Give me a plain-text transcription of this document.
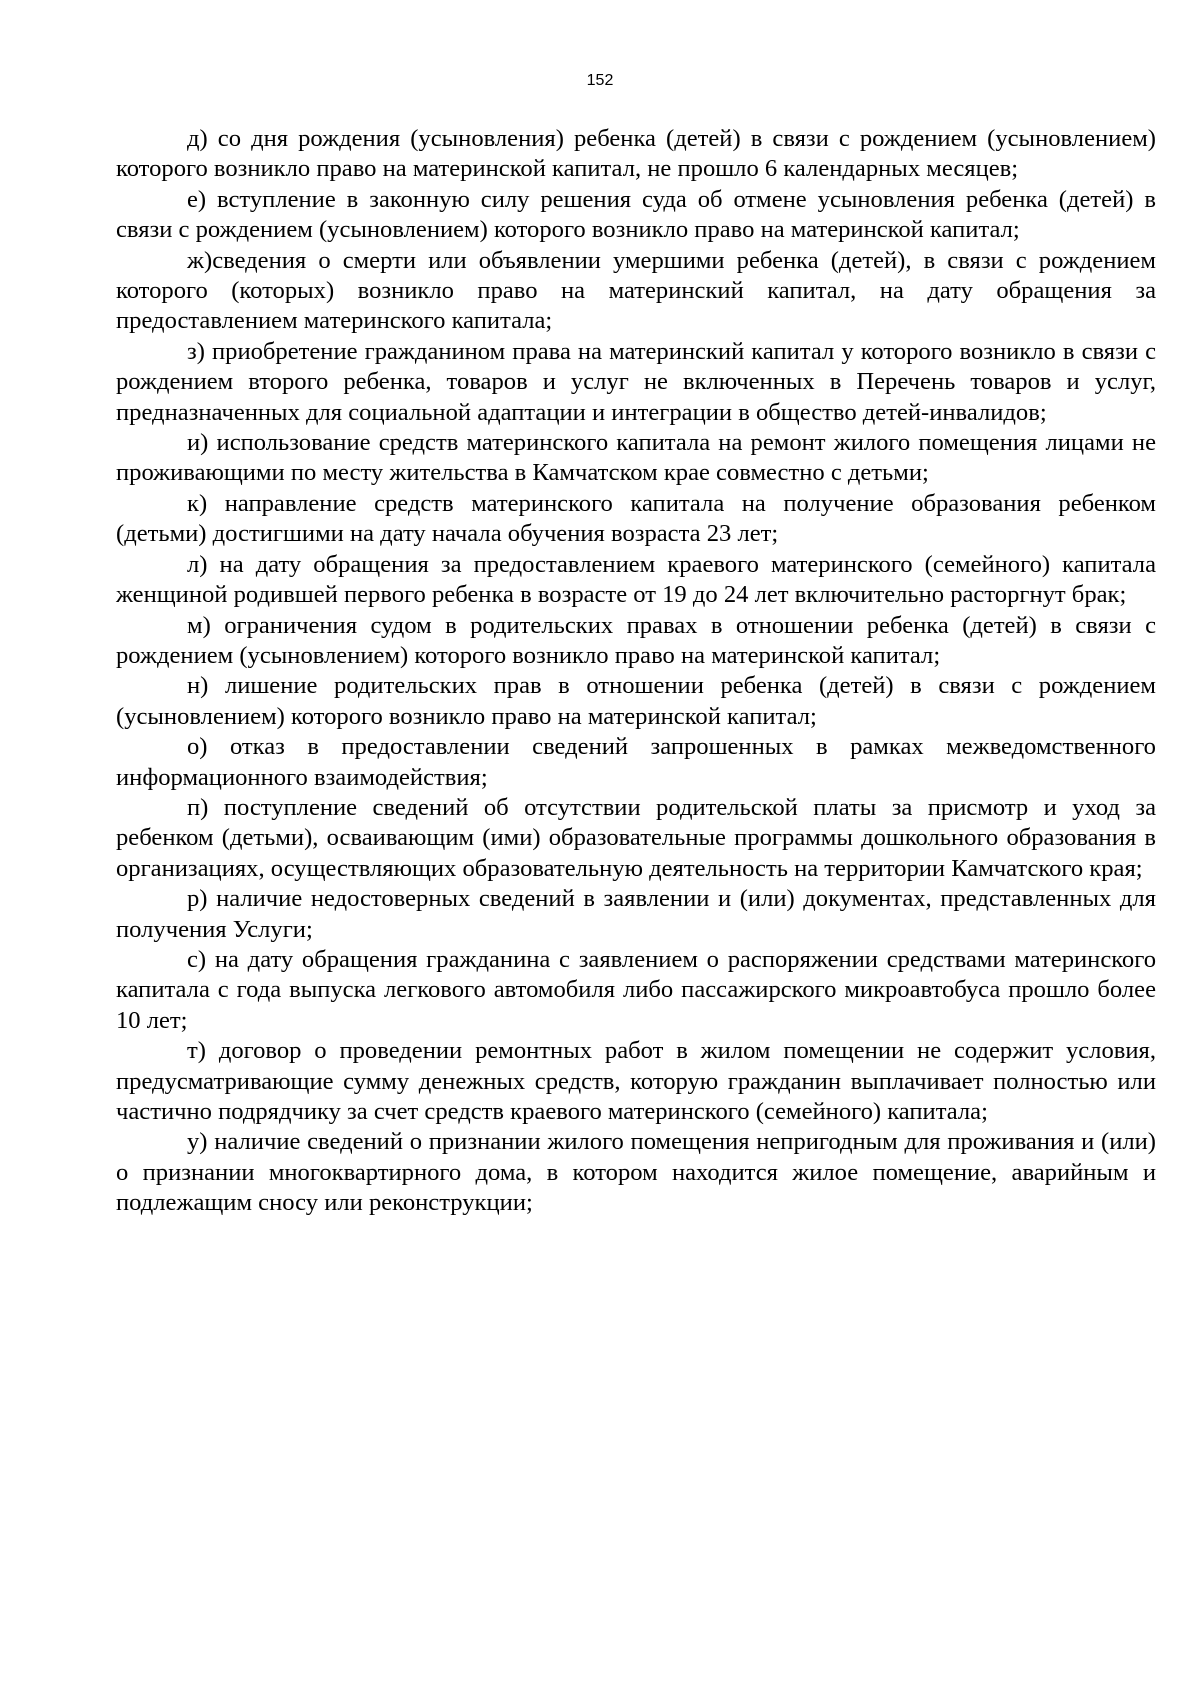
152

д) со дня рождения (усыновления) ребенка (детей) в связи с рождением (усыновлением) которого возникло право на материнской капитал, не прошло 6 календарных месяцев;

е) вступление в законную силу решения суда об отмене усыновления ребенка (детей) в связи с рождением (усыновлением) которого возникло право на материнской капитал;

ж)сведения о смерти или объявлении умершими ребенка (детей), в связи с рождением которого (которых) возникло право на материнский капитал, на дату обращения за предоставлением материнского капитала;

з) приобретение гражданином права на материнский капитал у которого возникло в связи с рождением второго ребенка, товаров и услуг не включенных в Перечень товаров и услуг, предназначенных для социальной адаптации и интеграции в общество детей-инвалидов;

и) использование средств материнского капитала на ремонт жилого помещения лицами не проживающими по месту жительства в Камчатском крае совместно с детьми;

к) направление средств материнского капитала на получение образования ребенком (детьми) достигшими на дату начала обучения возраста 23 лет;

л) на дату обращения за предоставлением краевого материнского (семейного) капитала женщиной родившей первого ребенка в возрасте от 19 до 24 лет включительно расторгнут брак;

м) ограничения судом в родительских правах в отношении ребенка (детей) в связи с рождением (усыновлением) которого возникло право на материнской капитал;

н) лишение родительских прав в отношении ребенка (детей) в связи с рождением (усыновлением) которого возникло право на материнской капитал;

о) отказ в предоставлении сведений запрошенных в рамках межведомственного информационного взаимодействия;

п) поступление сведений об отсутствии родительской платы за присмотр и уход за ребенком (детьми), осваивающим (ими) образовательные программы дошкольного образования в организациях, осуществляющих образовательную деятельность на территории Камчатского края;

р) наличие недостоверных сведений в заявлении и (или) документах, представленных для получения Услуги;

с) на дату обращения гражданина с заявлением о распоряжении средствами материнского капитала с года выпуска легкового автомобиля либо пассажирского микроавтобуса прошло более 10 лет;

т) договор о проведении ремонтных работ в жилом помещении не содержит условия, предусматривающие сумму денежных средств, которую гражданин выплачивает полностью или частично подрядчику за счет средств краевого материнского (семейного) капитала;

у) наличие сведений о признании жилого помещения непригодным для проживания и (или) о признании многоквартирного дома, в котором находится жилое помещение, аварийным и подлежащим сносу или реконструкции;
